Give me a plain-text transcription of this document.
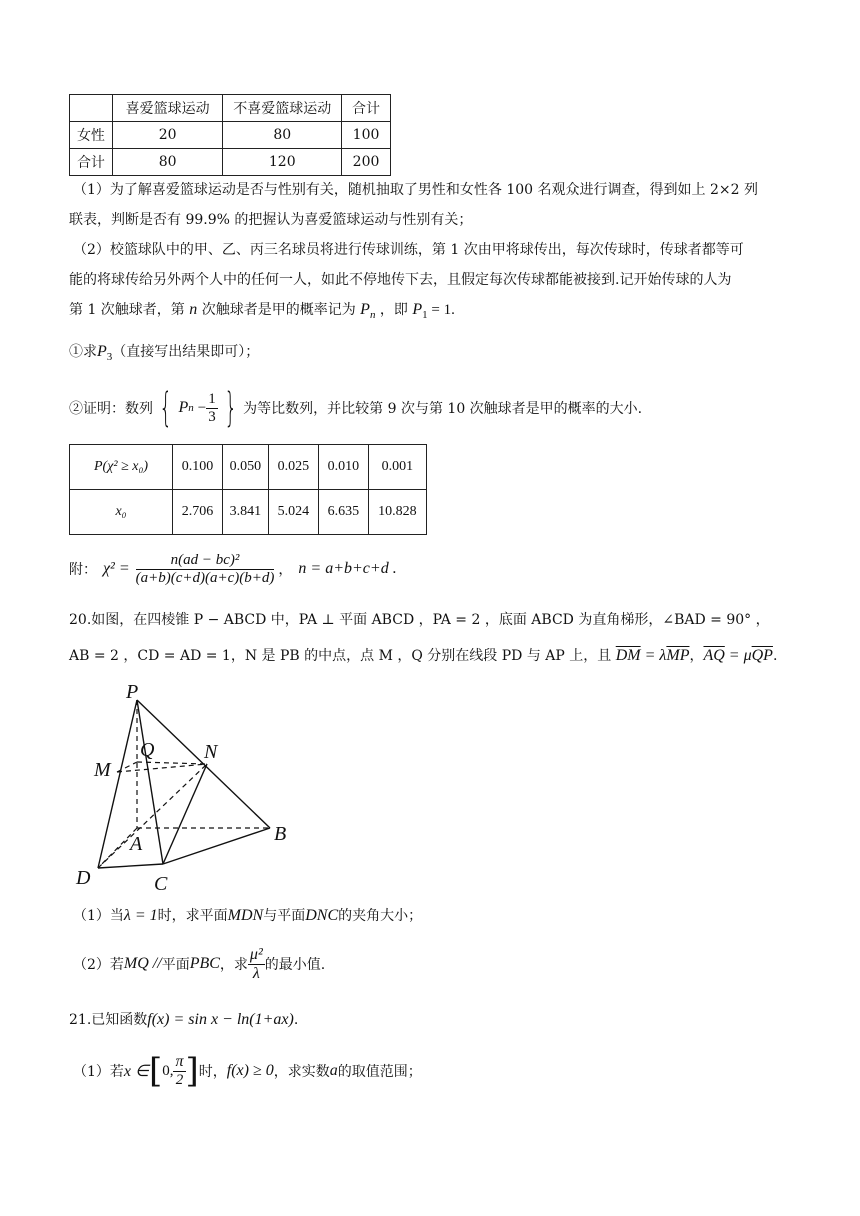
	喜爱篮球运动	不喜爱篮球运动	合计
女性	20	80	100
合计	80	120	200
（1）为了解喜爱篮球运动是否与性别有关，随机抽取了男性和女性各 100 名观众进行调查，得到如上 2×2 列
联表，判断是否有 99.9% 的把握认为喜爱篮球运动与性别有关；
（2）校篮球队中的甲、乙、丙三名球员将进行传球训练，第 1 次由甲将球传出，每次传球时，传球者都等可
能的将球传给另外两个人中的任何一人，如此不停地传下去，且假定每次传球都能被接到.记开始传球的人为
第 1 次触球者，第 n 次触球者是甲的概率记为 $P_n$ ，即 $P_1 = 1$.
①求$P_3$（直接写出结果即可）；
②证明：数列 { P $n - \frac{1}{3}$ } 为等比数列，并比较第 9 次与第 10 次触球者是甲的概率的大小.
P(χ² ≥ x₀)	0.100	0.050	0.025	0.010	0.001
x₀	2.706	3.841	5.024	6.635	10.828
附： $\chi^2 = \frac{\text{n(ad − bc)²}}{(a+b)(c+d)(a+c)(b+d)}$ ， n = a+b+c+d .
20.如图，在四棱锥 P − ABCD 中，PA ⊥ 平面 ABCD ，PA = 2 ，底面 ABCD 为直角梯形，∠BAD = 90° ，
AB = 2 ，CD = AD = 1，N 是 PB 的中点，点 M ，Q 分别在线段 PD 与 AP 上，且 $\overline{DM} = \lambda\overline{MP}$，$\overline{AQ} = \mu\overline{QP}$.
P
Q
M
N
A	B
C
D
（1）当λ = 1时，求平面MDN与平面DNC的夹角大小；
（2）若 MQ // 平面 PBC ，求 $\frac{\text{μ²}}{\lambda}$ 的最小值.
21.已知函数f(x) = sin x − ln(1+ax).
（1）若 x ∈ [ 0, $\frac{\pi}{2}$ ] 时， f(x) ≥ 0 ，求实数 a 的取值范围；
